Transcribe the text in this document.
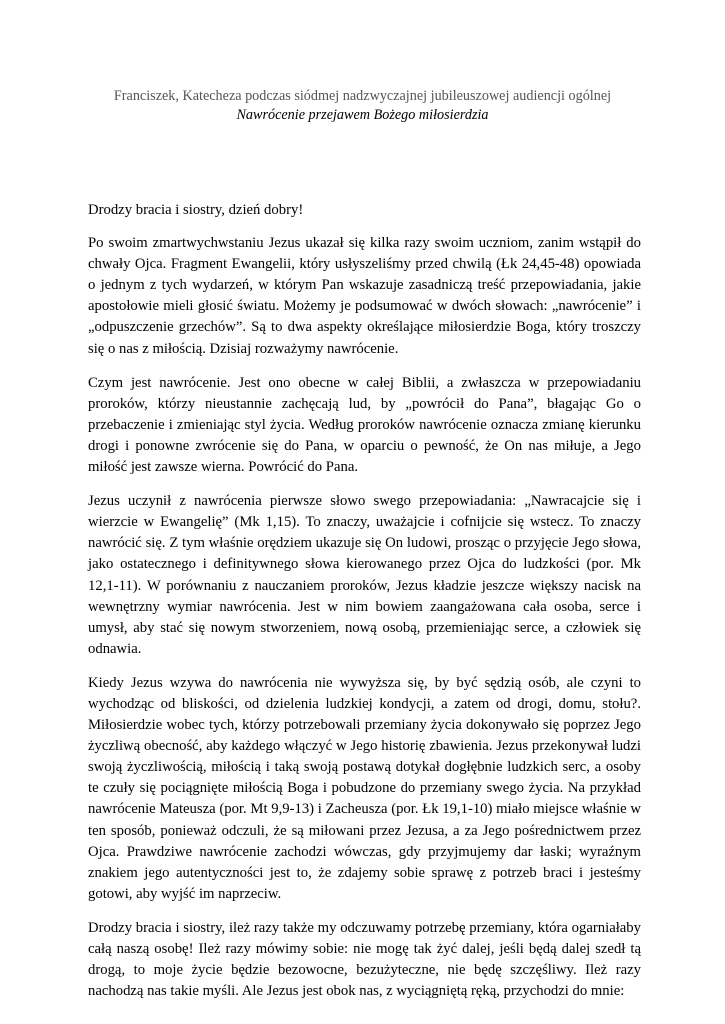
Franciszek, Katecheza podczas siódmej nadzwyczajnej jubileuszowej audiencji ogólnej
Nawrócenie przejawem Bożego miłosierdzia

Drodzy bracia i siostry, dzień dobry!

Po swoim zmartwychwstaniu Jezus ukazał się kilka razy swoim uczniom, zanim wstąpił do chwały Ojca. Fragment Ewangelii, który usłyszeliśmy przed chwilą (Łk 24,45-48) opowiada o jednym z tych wydarzeń, w którym Pan wskazuje zasadniczą treść przepowiadania, jakie apostołowie mieli głosić światu. Możemy je podsumować w dwóch słowach: „nawrócenie” i „odpuszczenie grzechów”. Są to dwa aspekty określające miłosierdzie Boga, który troszczy się o nas z miłością. Dzisiaj rozważymy nawrócenie.

Czym jest nawrócenie. Jest ono obecne w całej Biblii, a zwłaszcza w przepowiadaniu proroków, którzy nieustannie zachęcają lud, by „powrócił do Pana”, błagając Go o przebaczenie i zmieniając styl życia. Według proroków nawrócenie oznacza zmianę kierunku drogi i ponowne zwrócenie się do Pana, w oparciu o pewność, że On nas miłuje, a Jego miłość jest zawsze wierna. Powrócić do Pana.

Jezus uczynił z nawrócenia pierwsze słowo swego przepowiadania: „Nawracajcie się i wierzcie w Ewangelię” (Mk 1,15). To znaczy, uważajcie i cofnijcie się wstecz. To znaczy nawrócić się. Z tym właśnie orędziem ukazuje się On ludowi, prosząc o przyjęcie Jego słowa, jako ostatecznego i definitywnego słowa kierowanego przez Ojca do ludzkości (por. Mk 12,1-11). W porównaniu z nauczaniem proroków, Jezus kładzie jeszcze większy nacisk na wewnętrzny wymiar nawrócenia. Jest w nim bowiem zaangażowana cała osoba, serce i umysł, aby stać się nowym stworzeniem, nową osobą, przemieniając serce, a człowiek się odnawia.

Kiedy Jezus wzywa do nawrócenia nie wywyższa się, by być sędzią osób, ale czyni to wychodząc od bliskości, od dzielenia ludzkiej kondycji, a zatem od drogi, domu, stołu?. Miłosierdzie wobec tych, którzy potrzebowali przemiany życia dokonywało się poprzez Jego życzliwą obecność, aby każdego włączyć w Jego historię zbawienia. Jezus przekonywał ludzi swoją życzliwością, miłością i taką swoją postawą dotykał dogłębnie ludzkich serc, a osoby te czuły się pociągnięte miłością Boga i pobudzone do przemiany swego życia. Na przykład nawrócenie Mateusza (por. Mt 9,9-13) i Zacheusza (por. Łk 19,1-10) miało miejsce właśnie w ten sposób, ponieważ odczuli, że są miłowani przez Jezusa, a za Jego pośrednictwem przez Ojca. Prawdziwe nawrócenie zachodzi wówczas, gdy przyjmujemy dar łaski; wyraźnym znakiem jego autentyczności jest to, że zdajemy sobie sprawę z potrzeb braci i jesteśmy gotowi, aby wyjść im naprzeciw.

Drodzy bracia i siostry, ileż razy także my odczuwamy potrzebę przemiany, która ogarniałaby całą naszą osobę! Ileż razy mówimy sobie: nie mogę tak żyć dalej, jeśli będą dalej szedł tą drogą, to moje życie będzie bezowocne, bezużyteczne, nie będę szczęśliwy. Ileż razy nachodzą nas takie myśli. Ale Jezus jest obok nas, z wyciągniętą ręką, przychodzi do mnie:
